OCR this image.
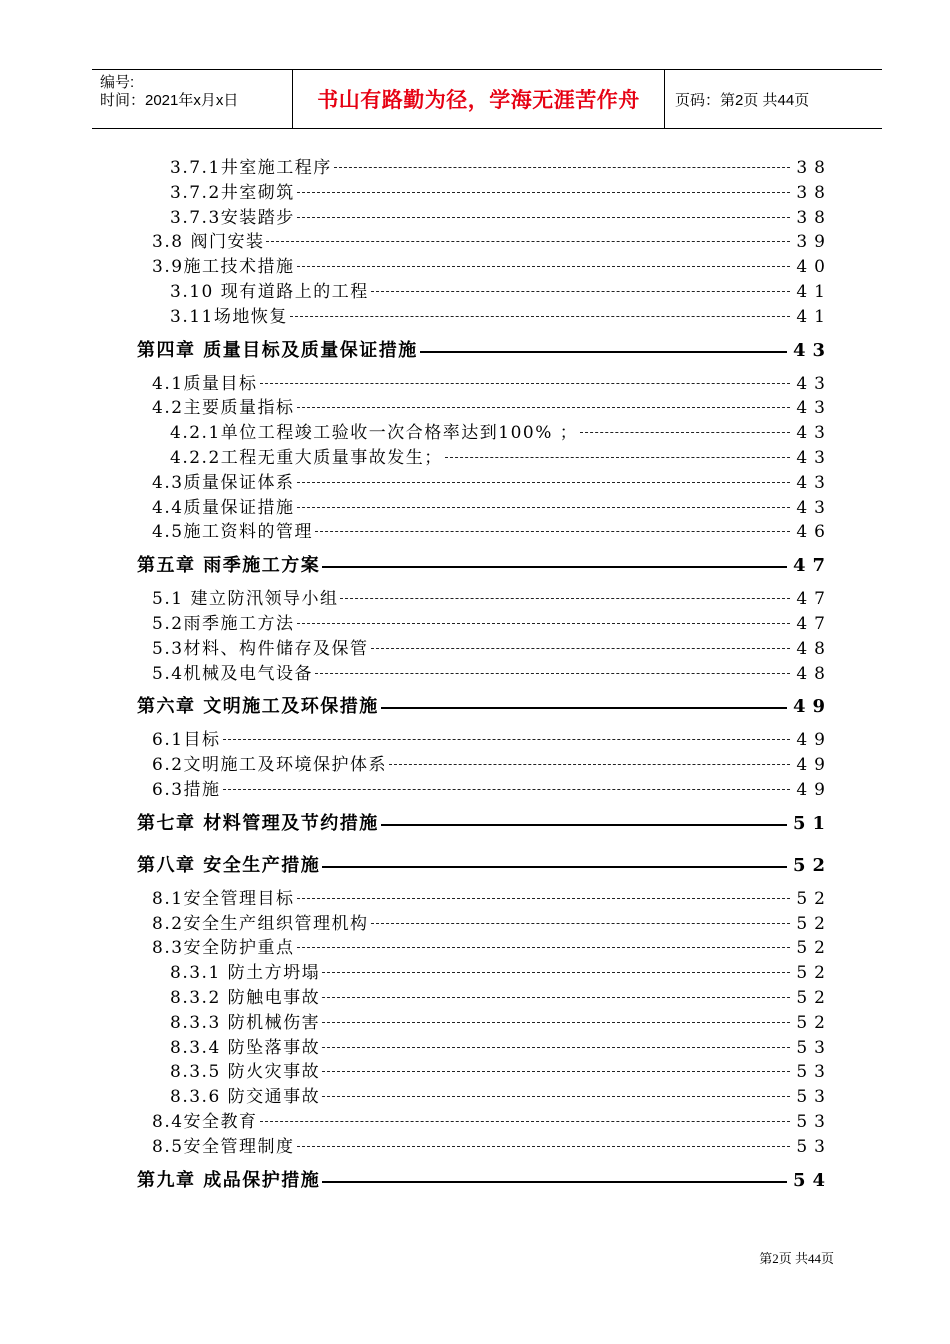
编号:
时间：2021年x月x日	书山有路勤为径，学海无涯苦作舟	页码：第2页 共44页
3.7.1井室施工程序	38
3.7.2井室砌筑	38
3.7.3安装踏步	38
3.8 阀门安装	39
3.9施工技术措施	40
3.10 现有道路上的工程	41
3.11场地恢复	41
第四章 质量目标及质量保证措施	43
4.1质量目标	43
4.2主要质量指标	43
4.2.1单位工程竣工验收一次合格率达到100% ；	43
4.2.2工程无重大质量事故发生；	43
4.3质量保证体系	43
4.4质量保证措施	43
4.5施工资料的管理	46
第五章 雨季施工方案	47
5.1 建立防汛领导小组	47
5.2雨季施工方法	47
5.3材料、构件储存及保管	48
5.4机械及电气设备	48
第六章 文明施工及环保措施	49
6.1目标	49
6.2文明施工及环境保护体系	49
6.3措施	49
第七章 材料管理及节约措施	51
第八章 安全生产措施	52
8.1安全管理目标	52
8.2安全生产组织管理机构	52
8.3安全防护重点	52
8.3.1 防土方坍塌	52
8.3.2 防触电事故	52
8.3.3 防机械伤害	52
8.3.4 防坠落事故	53
8.3.5 防火灾事故	53
8.3.6 防交通事故	53
8.4安全教育	53
8.5安全管理制度	53
第九章 成品保护措施	54
第2页 共44页
